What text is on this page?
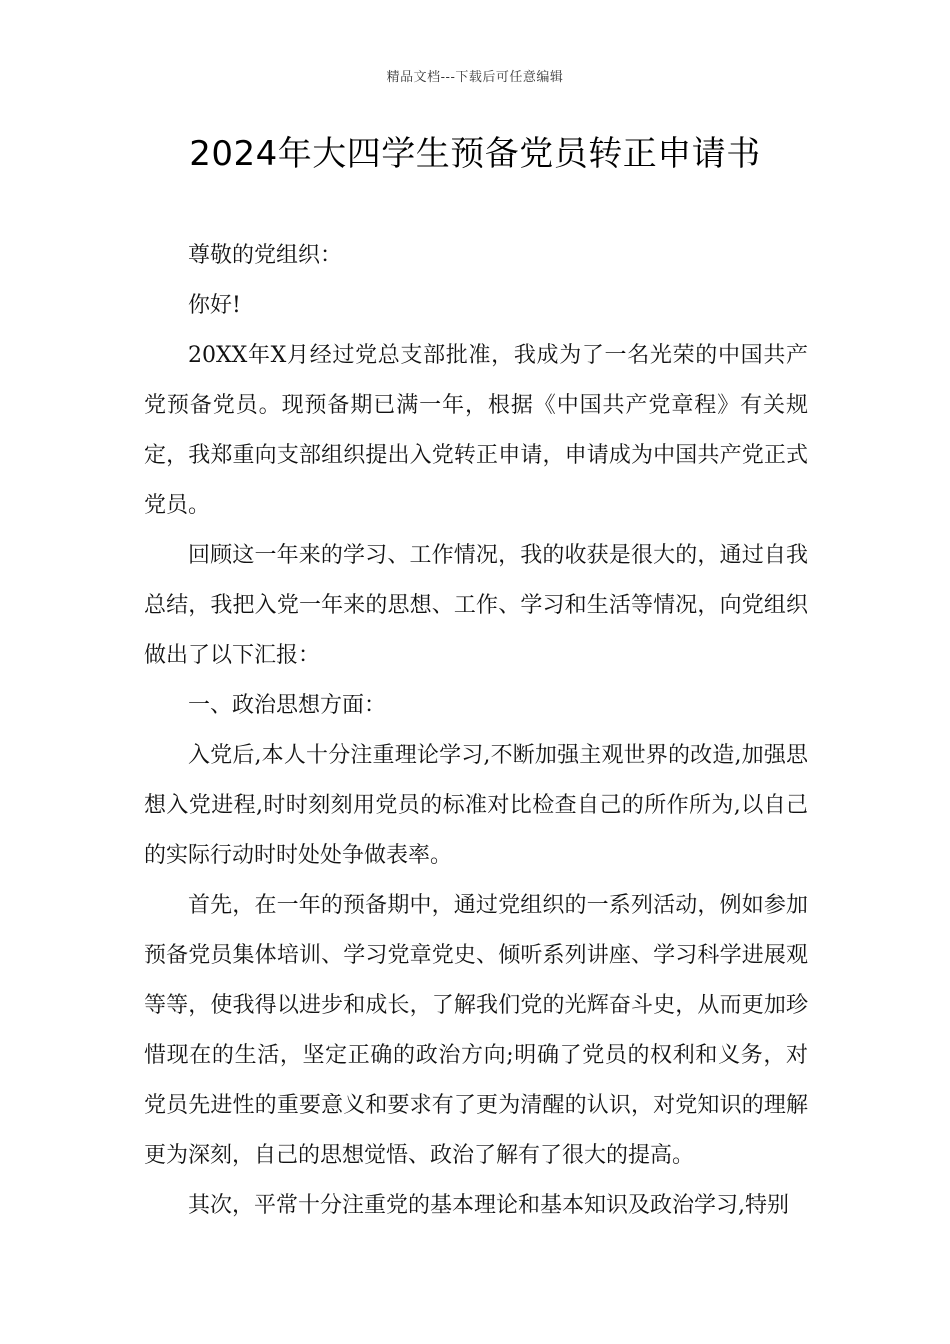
精品文档---下载后可任意编辑
2024年大四学生预备党员转正申请书

尊敬的党组织：

你好!

20XX年X月经过党总支部批准，我成为了一名光荣的中国共产党预备党员。现预备期已满一年，根据《中国共产党章程》有关规定，我郑重向支部组织提出入党转正申请，申请成为中国共产党正式党员。

回顾这一年来的学习、工作情况，我的收获是很大的，通过自我总结，我把入党一年来的思想、工作、学习和生活等情况，向党组织做出了以下汇报：

一、政治思想方面：

入党后,本人十分注重理论学习,不断加强主观世界的改造,加强思想入党进程,时时刻刻用党员的标准对比检查自己的所作所为,以自己的实际行动时时处处争做表率。

首先，在一年的预备期中，通过党组织的一系列活动，例如参加预备党员集体培训、学习党章党史、倾听系列讲座、学习科学进展观等等，使我得以进步和成长，了解我们党的光辉奋斗史，从而更加珍惜现在的生活，坚定正确的政治方向;明确了党员的权利和义务，对党员先进性的重要意义和要求有了更为清醒的认识，对党知识的理解更为深刻，自己的思想觉悟、政治了解有了很大的提高。

其次，平常十分注重党的基本理论和基本知识及政治学习,特别
